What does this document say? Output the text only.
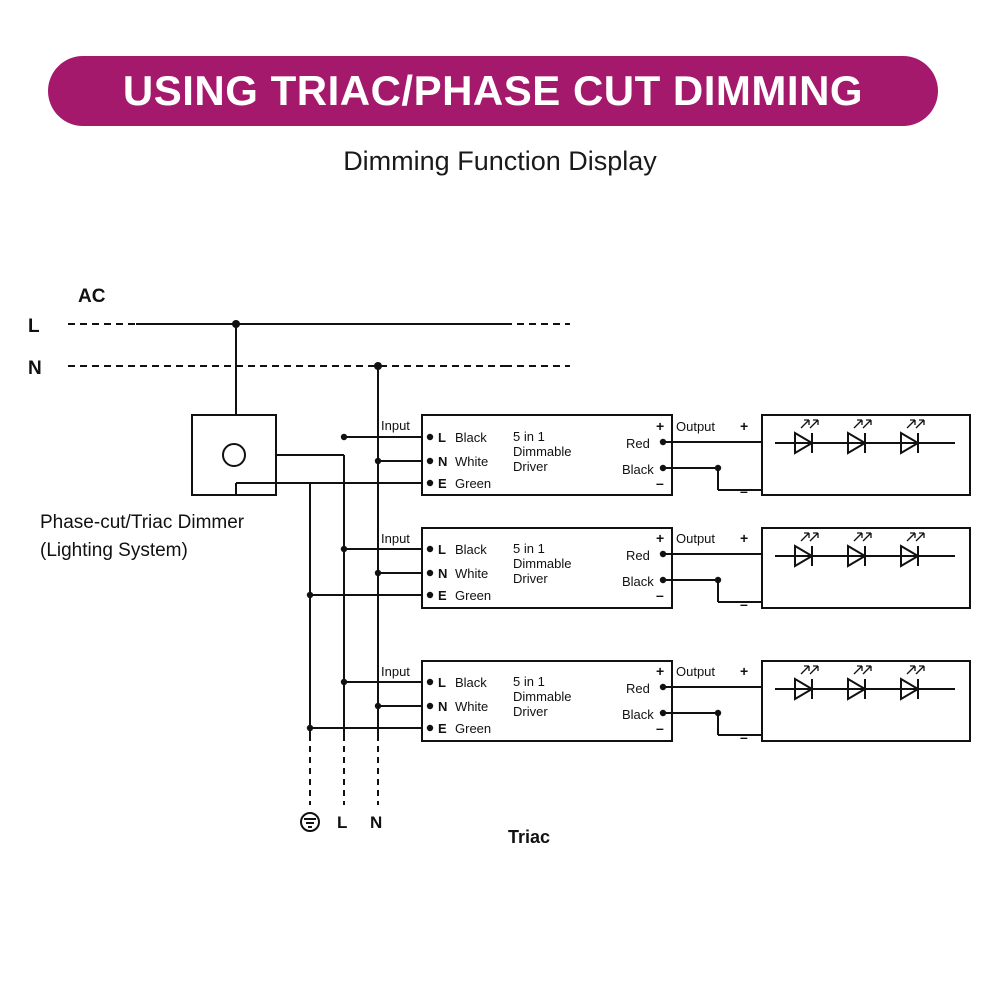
USING TRIAC/PHASE CUT DIMMING
Dimming Function Display
AC
L
N
Phase-cut/Triac Dimmer
(Lighting System)
L N
Triac
Input
L Black
N White
E Green
5 in 1
Dimmable
Driver
+
Red
Black
–
Output +
–
Input
L Black
N White
E Green
5 in 1
Dimmable
Driver
+
Red
Black
–
Output +
–
Input
L Black
N White
E Green
5 in 1
Dimmable
Driver
+
Red
Black
–
Output +
–
